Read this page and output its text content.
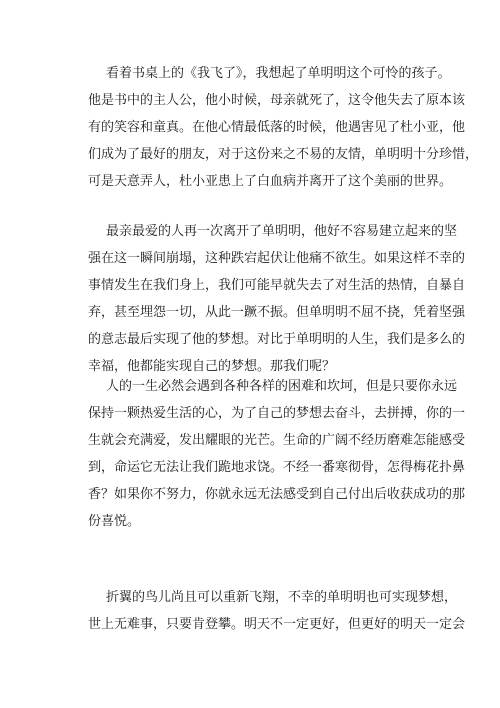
看着书桌上的《我飞了》，我想起了单明明这个可怜的孩子。
他是书中的主人公，他小时候，母亲就死了，这令他失去了原本该
有的笑容和童真。在他心情最低落的时候，他遇害见了杜小亚，他
们成为了最好的朋友，对于这份来之不易的友情，单明明十分珍惜，
可是天意弄人，杜小亚患上了白血病并离开了这个美丽的世界。
最亲最爱的人再一次离开了单明明，他好不容易建立起来的坚
强在这一瞬间崩塌，这种跌宕起伏让他痛不欲生。如果这样不幸的
事情发生在我们身上，我们可能早就失去了对生活的热情，自暴自
弃，甚至埋怨一切，从此一蹶不振。但单明明不屈不挠，凭着坚强
的意志最后实现了他的梦想。对比于单明明的人生，我们是多么的
幸福，他都能实现自己的梦想。那我们呢？
人的一生必然会遇到各种各样的困难和坎坷，但是只要你永远
保持一颗热爱生活的心，为了自己的梦想去奋斗，去拼搏，你的一
生就会充满爱，发出耀眼的光芒。生命的广阔不经历磨难怎能感受
到，命运它无法让我们跪地求饶。不经一番寒彻骨，怎得梅花扑鼻
香？如果你不努力，你就永远无法感受到自己付出后收获成功的那
份喜悦。
折翼的鸟儿尚且可以重新飞翔，不幸的单明明也可实现梦想，
世上无难事，只要肯登攀。明天不一定更好，但更好的明天一定会
